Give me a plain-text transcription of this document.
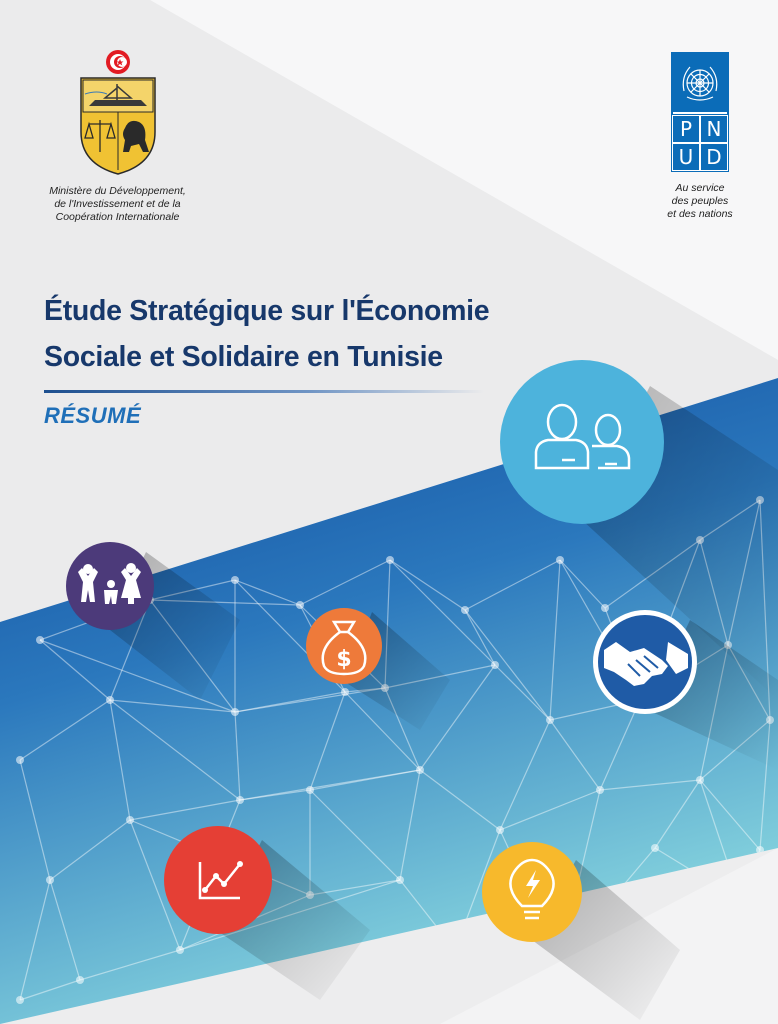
$
Ministère du Développement,
de l'Investissement et de la
Coopération Internationale
P N
U D
Au service
des peuples
et des nations
Étude Stratégique sur l'Économie
Sociale et Solidaire en Tunisie
RÉSUMÉ
